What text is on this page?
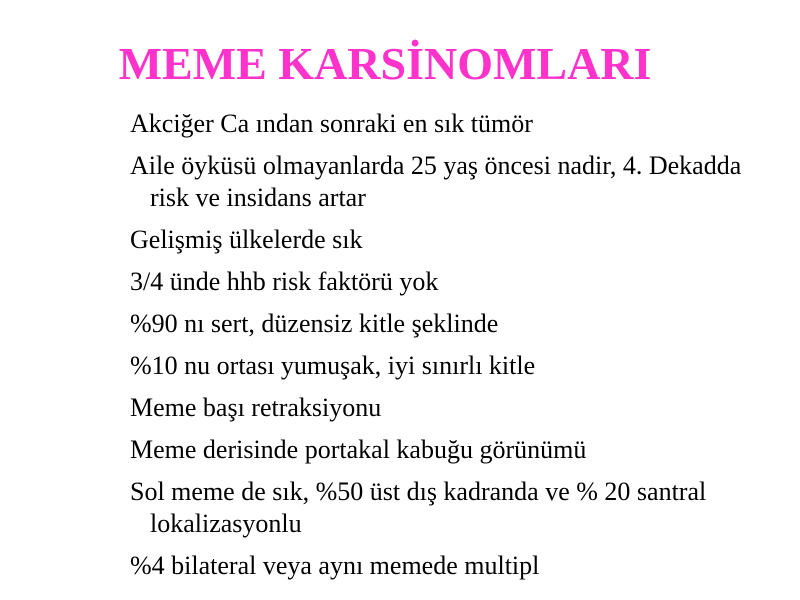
MEME KARSİNOMLARI
Akciğer Ca ından sonraki en sık tümör
Aile öyküsü olmayanlarda 25 yaş öncesi nadir, 4. Dekadda risk ve insidans artar
Gelişmiş ülkelerde sık
3/4 ünde hhb risk faktörü yok
%90 nı sert, düzensiz kitle şeklinde
%10 nu ortası yumuşak, iyi sınırlı kitle
Meme başı retraksiyonu
Meme derisinde portakal kabuğu görünümü
Sol meme de sık, %50 üst dış kadranda ve % 20 santral lokalizasyonlu
%4 bilateral veya aynı memede multipl
